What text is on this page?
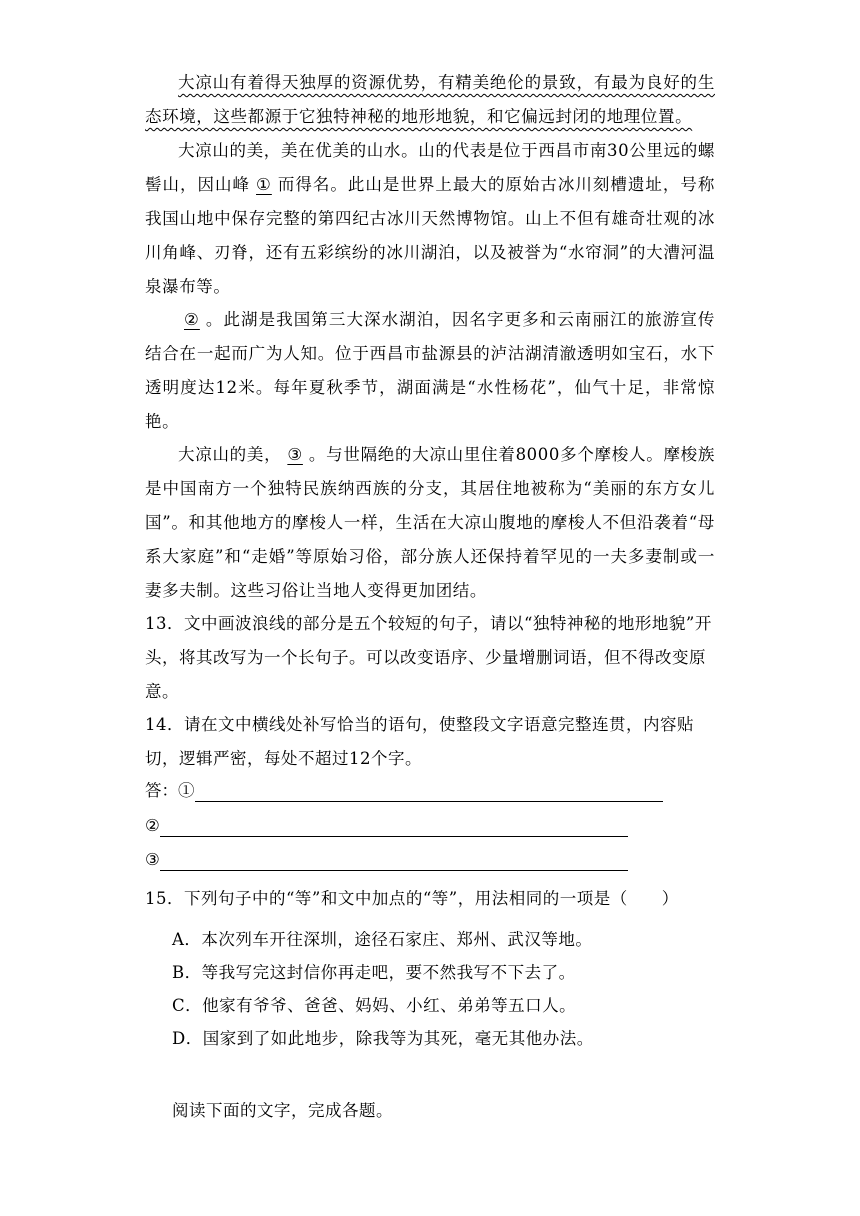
大凉山有着得天独厚的资源优势，有精美绝伦的景致，有最为良好的生态环境，这些都源于它独特神秘的地形地貌，和它偏远封闭的地理位置。

大凉山的美，美在优美的山水。山的代表是位于西昌市南30公里远的螺髻山，因山峰 ① 而得名。此山是世界上最大的原始古冰川刻槽遗址，号称我国山地中保存完整的第四纪古冰川天然博物馆。山上不但有雄奇壮观的冰川角峰、刃脊，还有五彩缤纷的冰川湖泊，以及被誉为“水帘洞”的大漕河温泉瀑布等。

② 。此湖是我国第三大深水湖泊，因名字更多和云南丽江的旅游宣传结合在一起而广为人知。位于西昌市盐源县的泸沽湖清澈透明如宝石，水下透明度达12米。每年夏秋季节，湖面满是“水性杨花”，仙气十足，非常惊艳。

大凉山的美， ③ 。与世隔绝的大凉山里住着8000多个摩梭人。摩梭族是中国南方一个独特民族纳西族的分支，其居住地被称为“美丽的东方女儿国”。和其他地方的摩梭人一样，生活在大凉山腹地的摩梭人不但沿袭着“母系大家庭”和“走婚”等 ·原始习俗，部分族人还保持着罕见的一夫多妻制或一妻多夫制。这些习俗让当地人变得更加团结。

13．文中画波浪线的部分是五个较短的句子，请以“独特神秘的地形地貌”开头，将其改写为一个长句子。可以改变语序、少量增删词语，但不得改变原意。

14．请在文中横线处补写恰当的语句，使整段文字语意完整连贯，内容贴切，逻辑严密，每处不超过12个字。

答：①
②
③

15．下列句子中的“等”和文中加点的“等”，用法相同的一项是（　　）

A．本次列车开往深圳，途径石家庄、郑州、武汉等地。

B．等我写完这封信你再走吧，要不然我写不下去了。

C．他家有爷爷、爸爸、妈妈、小红、弟弟等五口人。

D．国家到了如此地步，除我等为其死，毫无其他办法。

阅读下面的文字，完成各题。
